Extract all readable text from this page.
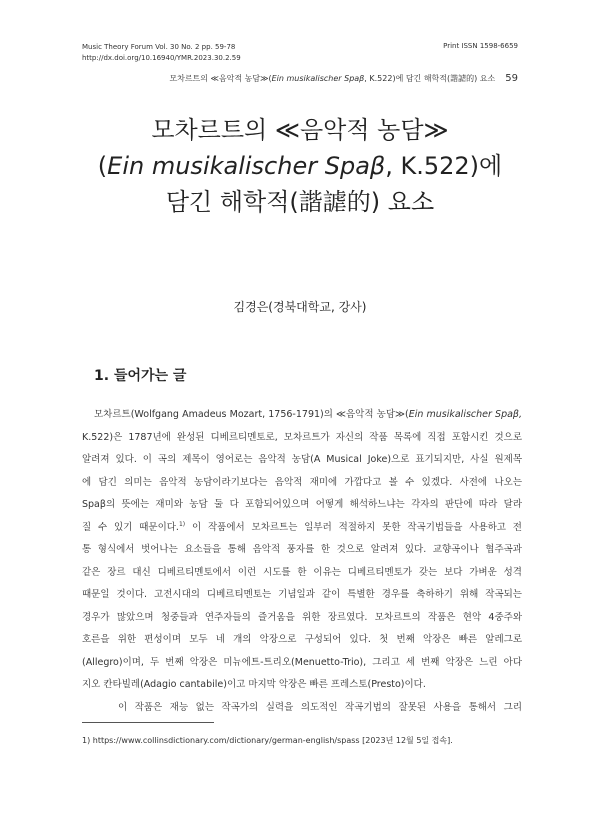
Music Theory Forum Vol. 30 No. 2 pp. 59-78
http://dx.doi.org/10.16940/YMR.2023.30.2.59
Print ISSN 1598-6659
모차르트의 ≪음악적 농담≫(Ein musikalischer Spaβ, K.522)에 담긴 해학적(諧謔的) 요소 59
모차르트의 ≪음악적 농담≫
(Ein musikalischer Spaβ, K.522)에
담긴 해학적(諧謔的) 요소
김경은(경북대학교, 강사)
1. 들어가는 글
모차르트(Wolfgang Amadeus Mozart, 1756-1791)의 ≪음악적 농담≫(Ein musikalischer Spaβ,
K.522)은 1787년에 완성된 디베르티멘토로, 모차르트가 자신의 작품 목록에 직접 포함시킨 것으로
알려져 있다. 이 곡의 제목이 영어로는 음악적 농담(A Musical Joke)으로 표기되지만, 사실 원제목
에 담긴 의미는 음악적 농담이라기보다는 음악적 재미에 가깝다고 볼 수 있겠다. 사전에 나오는
Spaβ의 뜻에는 재미와 농담 둘 다 포함되어있으며 어떻게 해석하느냐는 각자의 판단에 따라 달라
질 수 있기 때문이다.$^{1)}$ 이 작품에서 모차르트는 일부러 적절하지 못한 작곡기법들을 사용하고 전
통 형식에서 벗어나는 요소들을 통해 음악적 풍자를 한 것으로 알려져 있다. 교향곡이나 협주곡과
같은 장르 대신 디베르티멘토에서 이런 시도를 한 이유는 디베르티멘토가 갖는 보다 가벼운 성격
때문일 것이다. 고전시대의 디베르티멘토는 기념일과 같이 특별한 경우를 축하하기 위해 작곡되는
경우가 많았으며 청중들과 연주자들의 즐거움을 위한 장르였다. 모차르트의 작품은 현악 4중주와
호른을 위한 편성이며 모두 네 개의 악장으로 구성되어 있다. 첫 번째 악장은 빠른 알레그로
(Allegro)이며, 두 번째 악장은 미뉴에트-트리오(Menuetto-Trio), 그리고 세 번째 악장은 느린 아다
지오 칸타빌레(Adagio cantabile)이고 마지막 악장은 빠른 프레스토(Presto)이다.
이 작품은 재능 없는 작곡가의 실력을 의도적인 작곡기법의 잘못된 사용을 통해서 그리
1) https://www.collinsdictionary.com/dictionary/german-english/spass [2023년 12월 5일 접속].
